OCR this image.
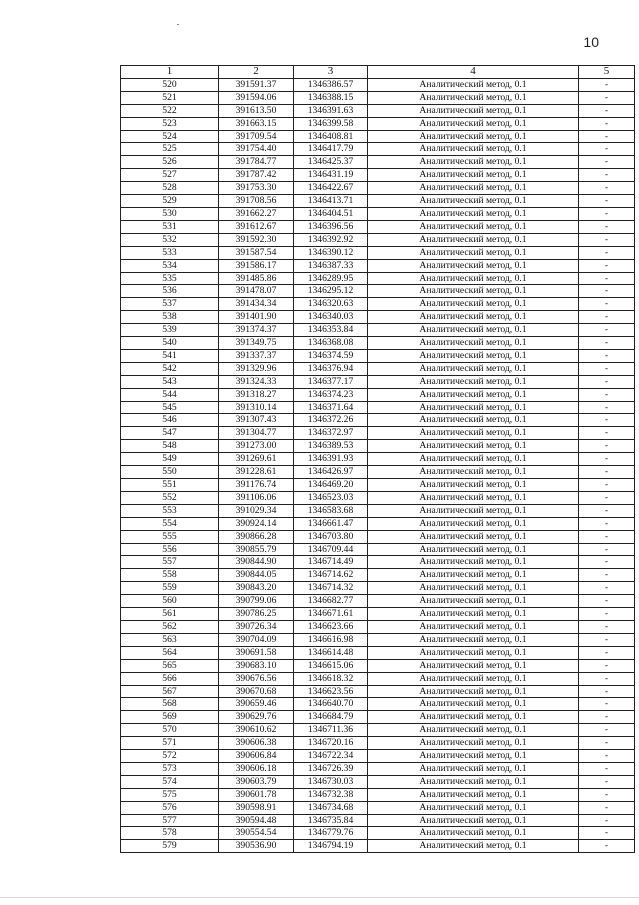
10
1	2	3	4	5
520	391591.37	1346386.57	Аналитический метод, 0.1	-
521	391594.06	1346388.15	Аналитический метод, 0.1	-
522	391613.50	1346391.63	Аналитический метод, 0.1	-
523	391663.15	1346399.58	Аналитический метод, 0.1	-
524	391709.54	1346408.81	Аналитический метод, 0.1	-
525	391754.40	1346417.79	Аналитический метод, 0.1	-
526	391784.77	1346425.37	Аналитический метод, 0.1	-
527	391787.42	1346431.19	Аналитический метод, 0.1	-
528	391753.30	1346422.67	Аналитический метод, 0.1	-
529	391708.56	1346413.71	Аналитический метод, 0.1	-
530	391662.27	1346404.51	Аналитический метод, 0.1	-
531	391612.67	1346396.56	Аналитический метод, 0.1	-
532	391592.30	1346392.92	Аналитический метод, 0.1	-
533	391587.54	1346390.12	Аналитический метод, 0.1	-
534	391586.17	1346387.33	Аналитический метод, 0.1	-
535	391485.86	1346289.95	Аналитический метод, 0.1	-
536	391478.07	1346295.12	Аналитический метод, 0.1	-
537	391434.34	1346320.63	Аналитический метод, 0.1	-
538	391401.90	1346340.03	Аналитический метод, 0.1	-
539	391374.37	1346353.84	Аналитический метод, 0.1	-
540	391349.75	1346368.08	Аналитический метод, 0.1	-
541	391337.37	1346374.59	Аналитический метод, 0.1	-
542	391329.96	1346376.94	Аналитический метод, 0.1	-
543	391324.33	1346377.17	Аналитический метод, 0.1	-
544	391318.27	1346374.23	Аналитический метод, 0.1	-
545	391310.14	1346371.64	Аналитический метод, 0.1	-
546	391307.43	1346372.26	Аналитический метод, 0.1	-
547	391304.77	1346372.97	Аналитический метод, 0.1	-
548	391273.00	1346389.53	Аналитический метод, 0.1	-
549	391269.61	1346391.93	Аналитический метод, 0.1	-
550	391228.61	1346426.97	Аналитический метод, 0.1	-
551	391176.74	1346469.20	Аналитический метод, 0.1	-
552	391106.06	1346523.03	Аналитический метод, 0.1	-
553	391029.34	1346583.68	Аналитический метод, 0.1	-
554	390924.14	1346661.47	Аналитический метод, 0.1	-
555	390866.28	1346703.80	Аналитический метод, 0.1	-
556	390855.79	1346709.44	Аналитический метод, 0.1	-
557	390844.90	1346714.49	Аналитический метод, 0.1	-
558	390844.05	1346714.62	Аналитический метод, 0.1	-
559	390843.20	1346714.32	Аналитический метод, 0.1	-
560	390799.06	1346682.77	Аналитический метод, 0.1	-
561	390786.25	1346671.61	Аналитический метод, 0.1	-
562	390726.34	1346623.66	Аналитический метод, 0.1	-
563	390704.09	1346616.98	Аналитический метод, 0.1	-
564	390691.58	1346614.48	Аналитический метод, 0.1	-
565	390683.10	1346615.06	Аналитический метод, 0.1	-
566	390676.56	1346618.32	Аналитический метод, 0.1	-
567	390670.68	1346623.56	Аналитический метод, 0.1	-
568	390659.46	1346640.70	Аналитический метод, 0.1	-
569	390629.76	1346684.79	Аналитический метод, 0.1	-
570	390610.62	1346711.36	Аналитический метод, 0.1	-
571	390606.38	1346720.16	Аналитический метод, 0.1	-
572	390606.84	1346722.34	Аналитический метод, 0.1	-
573	390606.18	1346726.39	Аналитический метод, 0.1	-
574	390603.79	1346730.03	Аналитический метод, 0.1	-
575	390601.78	1346732.38	Аналитический метод, 0.1	-
576	390598.91	1346734.68	Аналитический метод, 0.1	-
577	390594.48	1346735.84	Аналитический метод, 0.1	-
578	390554.54	1346779.76	Аналитический метод, 0.1	-
579	390536.90	1346794.19	Аналитический метод, 0.1	-
